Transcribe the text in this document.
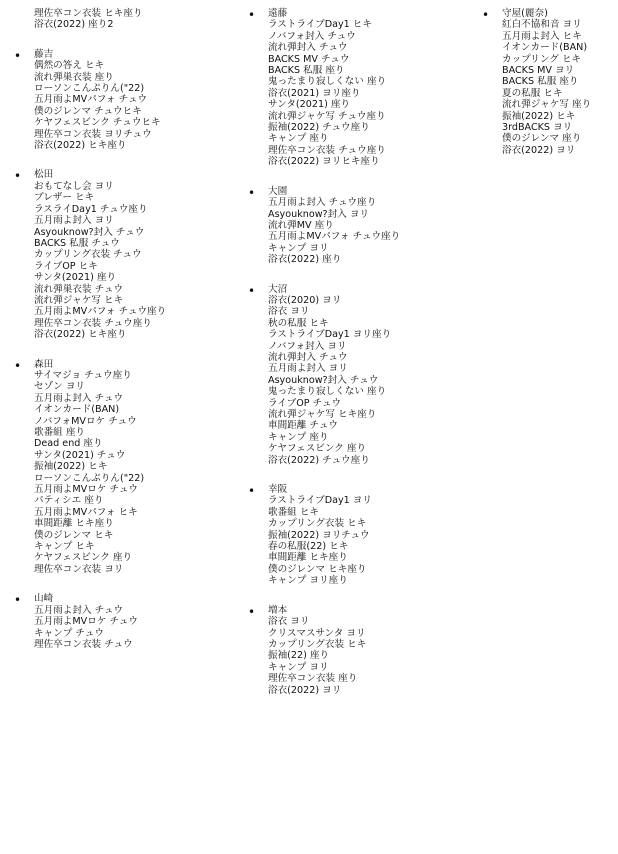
理佐卒コン衣装 ヒキ座り
浴衣(2022) 座り2
• 藤吉
偶然の答え ヒキ
流れ弾巣衣装 座り
ローソンこんぷりん("22)
五月雨よMVパフォ チュウ
僕のジレンマ チュウヒキ
ケヤフェスビンク チュウヒキ
理佐卒コン衣装 ヨリチュウ
浴衣(2022) ヒキ座り
• 松田
おもてなし会 ヨリ
ブレザー ヒキ
ラスライDay1 チュウ座り
五月雨よ封入 ヨリ
Asyouknow?封入 チュウ
BACKS 私服 チュウ
カップリング衣装 チュウ
ライブOP ヒキ
サンタ(2021) 座り
流れ弾巣衣装 チュウ
流れ弾ジャケ写 ヒキ
五月雨よMVパフォ チュウ座り
理佐卒コン衣装 チュウ座り
浴衣(2022) ヒキ座り
• 森田
サイマジョ チュウ座り
セゾン ヨリ
五月雨よ封入 チュウ
イオンカード(BAN)
ノバフォMVロケ チュウ
歌番組 座り
Dead end 座り
サンタ(2021) チュウ
振袖(2022) ヒキ
ローソンこんぷりん("22)
五月雨よMVロケ チュウ
パティシエ 座り
五月雨よMVパフォ ヒキ
車間距離 ヒキ座り
僕のジレンマ ヒキ
キャンプ ヒキ
ケヤフェスビンク 座り
理佐卒コン衣装 ヨリ
• 山崎
五月雨よ封入 チュウ
五月雨よMVロケ チュウ
キャンプ チュウ
理佐卒コン衣装 チュウ
• 遠藤
ラストライブDay1 ヒキ
ノバフォ封入 チュウ
流れ弾封入 チュウ
BACKS MV チュウ
BACKS 私服 座り
鬼ったまり寂しくない 座り
浴衣(2021) ヨリ座り
サンタ(2021) 座り
流れ弾ジャケ写 チュウ座り
振袖(2022) チュウ座り
キャンプ 座り
理佐卒コン衣装 チュウ座り
浴衣(2022) ヨリヒキ座り
• 大園
五月雨よ封入 チュウ座り
Asyouknow?封入 ヨリ
流れ弾MV 座り
五月雨よMVパフォ チュウ座り
キャンプ ヨリ
浴衣(2022) 座り
• 大沼
浴衣(2020) ヨリ
浴衣 ヨリ
秋の私服 ヒキ
ラストライブDay1 ヨリ座り
ノバフォ封入 ヨリ
流れ弾封入 チュウ
五月雨よ封入 ヨリ
Asyouknow?封入 チュウ
鬼ったまり寂しくない 座り
ライブOP チュウ
流れ弾ジャケ写 ヒキ座り
車間距離 チュウ
キャンプ 座り
ケヤフェスビンク 座り
浴衣(2022) チュウ座り
• 幸阪
ラストライブDay1 ヨリ
歌番組 ヒキ
カップリング衣装 ヒキ
振袖(2022) ヨリチュウ
春の私服(22) ヒキ
車間距離 ヒキ座り
僕のジレンマ ヒキ座り
キャンプ ヨリ座り
• 増本
浴衣 ヨリ
クリスマスサンタ ヨリ
カップリング衣装 ヒキ
振袖(22) 座り
キャンプ ヨリ
理佐卒コン衣装 座り
浴衣(2022) ヨリ
• 守屋(麗奈)
紅白不協和音 ヨリ
五月雨よ封入 ヒキ
イオンカード(BAN)
カップリング ヒキ
BACKS MV ヨリ
BACKS 私服 座り
夏の私服 ヒキ
流れ弾ジャケ写 座り
振袖(2022) ヒキ
3rdBACKS ヨリ
僕のジレンマ 座り
浴衣(2022) ヨリ
